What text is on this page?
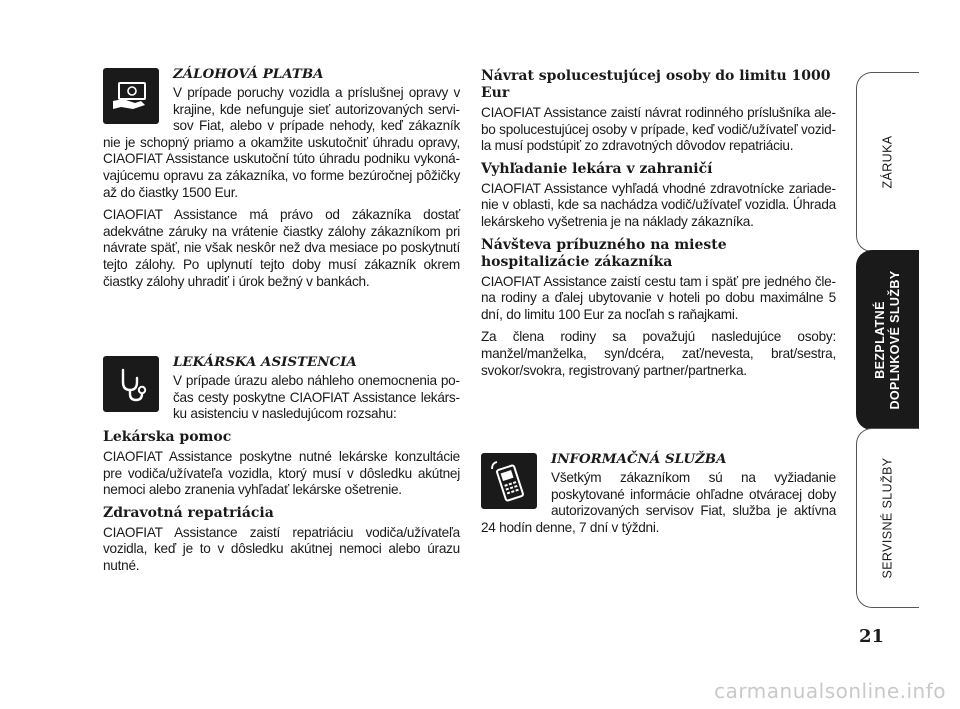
ZÁLOHOVÁ PLATBA

V prípade poruchy vozidla a príslušnej opravy v krajine, kde nefunguje sieť autorizovaných servisov Fiat, alebo v prípade nehody, keď zákazník nie je schopný priamo a okamžite uskutočniť úhradu opravy, CIAOFIAT Assistance uskutoční túto úhradu podniku vykonávajúcemu opravu za zákazníka, vo forme bezúročnej pôžičky až do čiastky 1500 Eur.

CIAOFIAT Assistance má právo od zákazníka dostať adekvátne záruky na vrátenie čiastky zálohy zákazníkom pri návrate späť, nie však neskôr než dva mesiace po poskytnutí tejto zálohy. Po uplynutí tejto doby musí zákazník okrem čiastky zálohy uhradiť i úrok bežný v bankách.

LEKÁRSKA ASISTENCIA

V prípade úrazu alebo náhleho onemocnenia počas cesty poskytne CIAOFIAT Assistance lekársku asistenciu v nasledujúcom rozsahu:

Lekárska pomoc

CIAOFIAT Assistance poskytne nutné lekárske konzultácie pre vodiča/užívateľa vozidla, ktorý musí v dôsledku akútnej nemoci alebo zranenia vyhľadať lekárske ošetrenie.

Zdravotná repatriácia

CIAOFIAT Assistance zaistí repatriáciu vodiča/užívateľa vozidla, keď je to v dôsledku akútnej nemoci alebo úrazu nutné.

Návrat spolucestujúcej osoby do limitu 1000 Eur

CIAOFIAT Assistance zaistí návrat rodinného príslušníka alebo spolucestujúcej osoby v prípade, keď vodič/užívateľ vozidla musí podstúpiť zo zdravotných dôvodov repatriáciu.

Vyhľadanie lekára v zahraničí

CIAOFIAT Assistance vyhľadá vhodné zdravotnícke zariadenie v oblasti, kde sa nachádza vodič/užívateľ vozidla. Úhrada lekárskeho vyšetrenia je na náklady zákazníka.

Návšteva príbuzného na mieste hospitalizácie zákazníka

CIAOFIAT Assistance zaistí cestu tam i späť pre jedného člena rodiny a ďalej ubytovanie v hoteli po dobu maximálne 5 dní, do limitu 100 Eur za nocľah s raňajkami.

Za člena rodiny sa považujú nasledujúce osoby: manžel/manželka, syn/dcéra, zať/nevesta, brat/sestra, svokor/svokra, registrovaný partner/partnerka.

INFORMAČNÁ SLUŽBA

Všetkým zákazníkom sú na vyžiadanie poskytované informácie ohľadne otváracej doby autorizovaných servisov Fiat, služba je aktívna 24 hodín denne, 7 dní v týždni.

ZÁRUKA
BEZPLATNÉ DOPLNKOVÉ SLUŽBY
SERVISNÉ SLUŽBY
21
carmanualsonline.info
